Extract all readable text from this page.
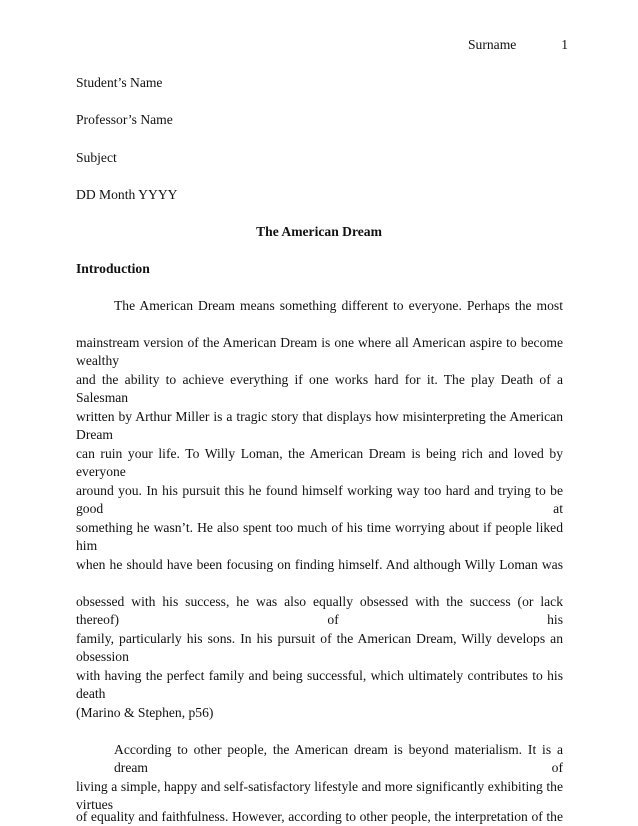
Surname	1
Student’s Name
Professor’s Name
Subject
DD Month YYYY
The American Dream
Introduction
The American Dream means something different to everyone. Perhaps the most
mainstream version of the American Dream is one where all American aspire to become wealthy
and the ability to achieve everything if one works hard for it. The play Death of a Salesman
written by Arthur Miller is a tragic story that displays how misinterpreting the American Dream
can ruin your life. To Willy Loman, the American Dream is being rich and loved by everyone
around you. In his pursuit this he found himself working way too hard and trying to be good at
something he wasn’t. He also spent too much of his time worrying about if people liked him
when he should have been focusing on finding himself. And although Willy Loman was
obsessed with his success, he was also equally obsessed with the success (or lack thereof) of his
family, particularly his sons. In his pursuit of the American Dream, Willy develops an obsession
with having the perfect family and being successful, which ultimately contributes to his death
(Marino & Stephen, p56)
According to other people, the American dream is beyond materialism. It is a dream of
living a simple, happy and self-satisfactory lifestyle and more significantly exhibiting the virtues
of equality and faithfulness. However, according to other people, the interpretation of the
